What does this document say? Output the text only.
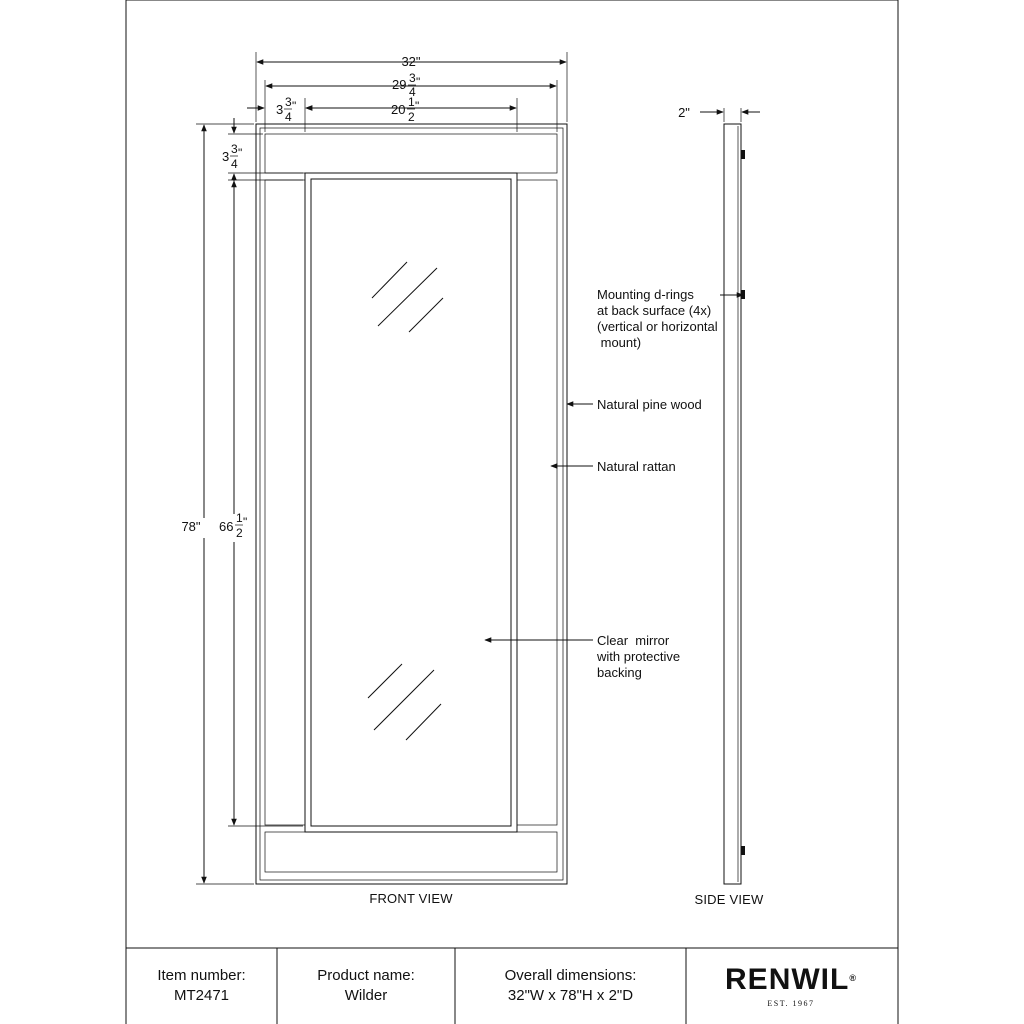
32"
29 3
4
"
20 1
2
"
3 3
4
"
78" 66
1
2
"
3 3
4
"
2"
Mounting d-rings
at back surface (4x)
(vertical or horizontal
mount)
Natural pine wood
Natural rattan
Clear  mirror
with protective
backing
FRONT VIEW	SIDE VIEW
Item number:
MT2471
Product name:
Wilder
Overall dimensions:
32"W x 78"H x 2"D	RENWIL®
EST. 1967
